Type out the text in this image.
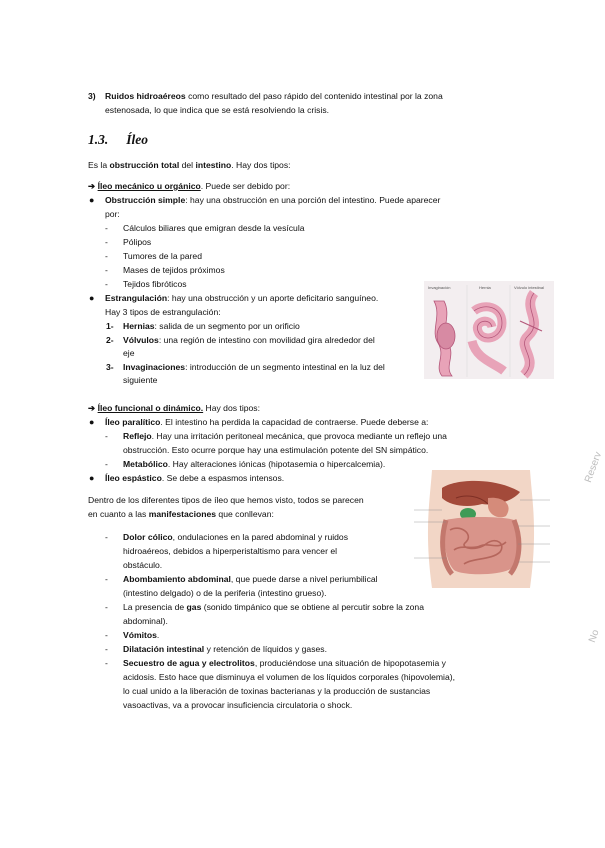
3) Ruidos hidroaéreos como resultado del paso rápido del contenido intestinal por la zona
estenosada, lo que indica que se está resolviendo la crisis.
1.3. Íleo
Es la obstrucción total del intestino. Hay dos tipos:
➔ Íleo mecánico u orgánico. Puede ser debido por:
● Obstrucción simple: hay una obstrucción en una porción del intestino. Puede aparecer
por:
- Cálculos biliares que emigran desde la vesícula
- Pólipos
- Tumores de la pared
- Mases de tejidos próximos
- Tejidos fibróticos
● Estrangulación: hay una obstrucción y un aporte deficitario sanguíneo.
Hay 3 tipos de estrangulación:
1- Hernias: salida de un segmento por un orificio
2- Vólvulos: una región de intestino con movilidad gira alrededor del
eje
3- Invaginaciones: introducción de un segmento intestinal en la luz del
siguiente
Invaginación	Hernia	Vólvulo intestinal
➔ Íleo funcional o dinámico. Hay dos tipos:
● Íleo paralítico. El intestino ha perdida la capacidad de contraerse. Puede deberse a:
- Reflejo. Hay una irritación peritoneal mecánica, que provoca mediante un reflejo una
obstrucción. Esto ocurre porque hay una estimulación potente del SN simpático.
- Metabólico. Hay alteraciones iónicas (hipotasemia o hipercalcemia).
● Íleo espástico. Se debe a espasmos intensos.
Dentro de los diferentes tipos de íleo que hemos visto, todos se parecen
en cuanto a las manifestaciones que conllevan:
- Dolor cólico, ondulaciones en la pared abdominal y ruidos
hidroaéreos, debidos a hiperperistaltismo para vencer el
obstáculo.
- Abombamiento abdominal, que puede darse a nivel periumbilical
(intestino delgado) o de la periferia (intestino grueso).
- La presencia de gas (sonido timpánico que se obtiene al percutir sobre la zona
abdominal).
- Vómitos.
- Dilatación intestinal y retención de líquidos y gases.
- Secuestro de agua y electrolitos, produciéndose una situación de hipopotasemia y
acidosis. Esto hace que disminuya el volumen de los líquidos corporales (hipovolemia),
lo cual unido a la liberación de toxinas bacterianas y la producción de sustancias
vasoactivas, va a provocar insuficiencia circulatoria o shock.
Reserv
No
